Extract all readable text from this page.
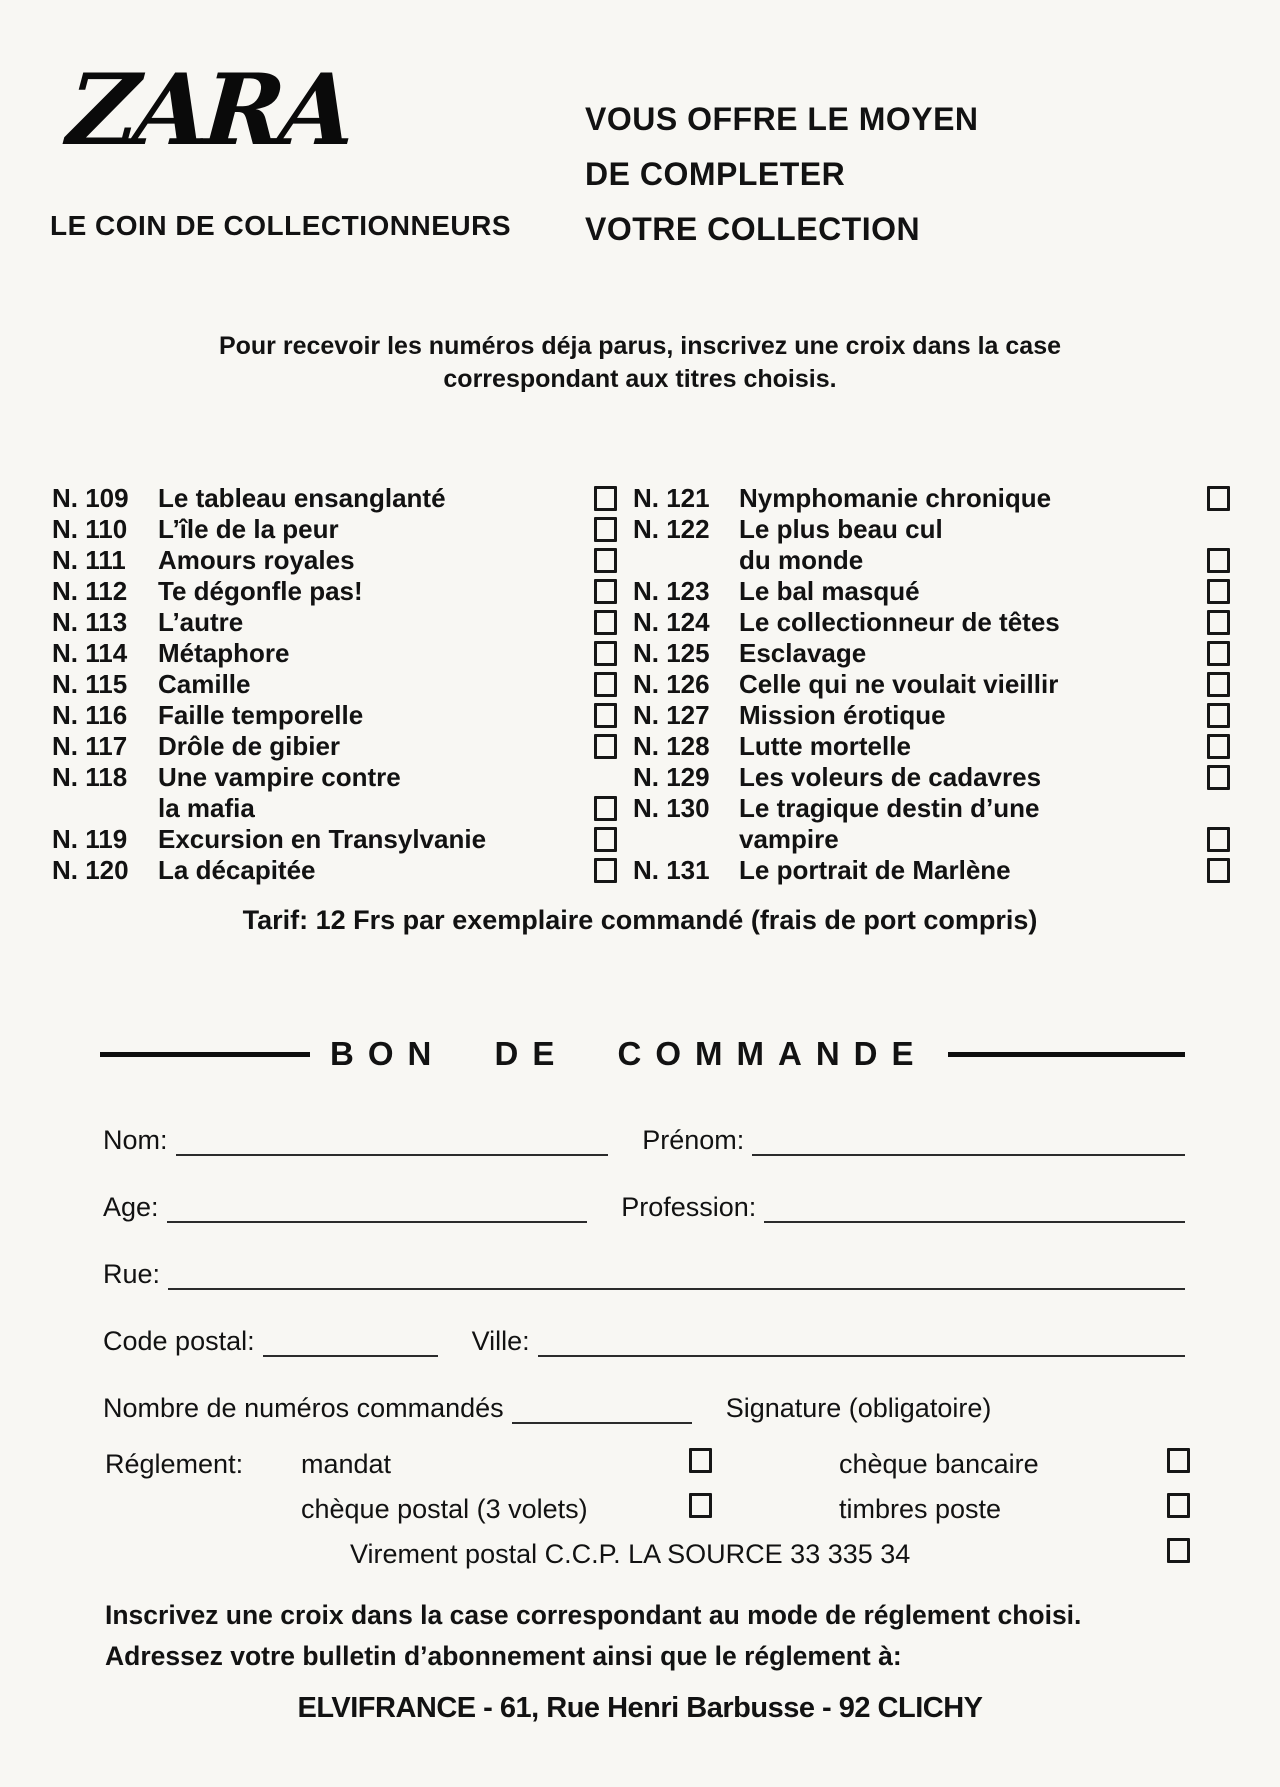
ZARA
LE COIN DE COLLECTIONNEURS
VOUS OFFRE LE MOYEN
DE COMPLETER
VOTRE COLLECTION
Pour recevoir les numéros déja parus, inscrivez une croix dans la case
correspondant aux titres choisis.
N. 109	Le tableau ensanglanté
N. 110	L’île de la peur
N. 111	Amours royales
N. 112	Te dégonfle pas!
N. 113	L’autre
N. 114	Métaphore
N. 115	Camille
N. 116	Faille temporelle
N. 117	Drôle de gibier
N. 118	Une vampire contre
la mafia
N. 119	Excursion en Transylvanie
N. 120	La décapitée
N. 121	Nymphomanie chronique
N. 122	Le plus beau cul
du monde
N. 123	Le bal masqué
N. 124	Le collectionneur de têtes
N. 125	Esclavage
N. 126	Celle qui ne voulait vieillir
N. 127	Mission érotique
N. 128	Lutte mortelle
N. 129	Les voleurs de cadavres
N. 130	Le tragique destin d’une
vampire
N. 131	Le portrait de Marlène
Tarif: 12 Frs par exemplaire commandé (frais de port compris)
BON DE COMMANDE
Nom:	Prénom:
Age:	Profession:
Rue:
Code postal:	Ville:
Nombre de numéros commandés	Signature (obligatoire)
Réglement:	mandat	chèque bancaire
chèque postal (3 volets)	timbres poste
Virement postal C.C.P. LA SOURCE 33 335 34
Inscrivez une croix dans la case correspondant au mode de réglement choisi.
Adressez votre bulletin d’abonnement ainsi que le réglement à:
ELVIFRANCE - 61, Rue Henri Barbusse - 92 CLICHY
